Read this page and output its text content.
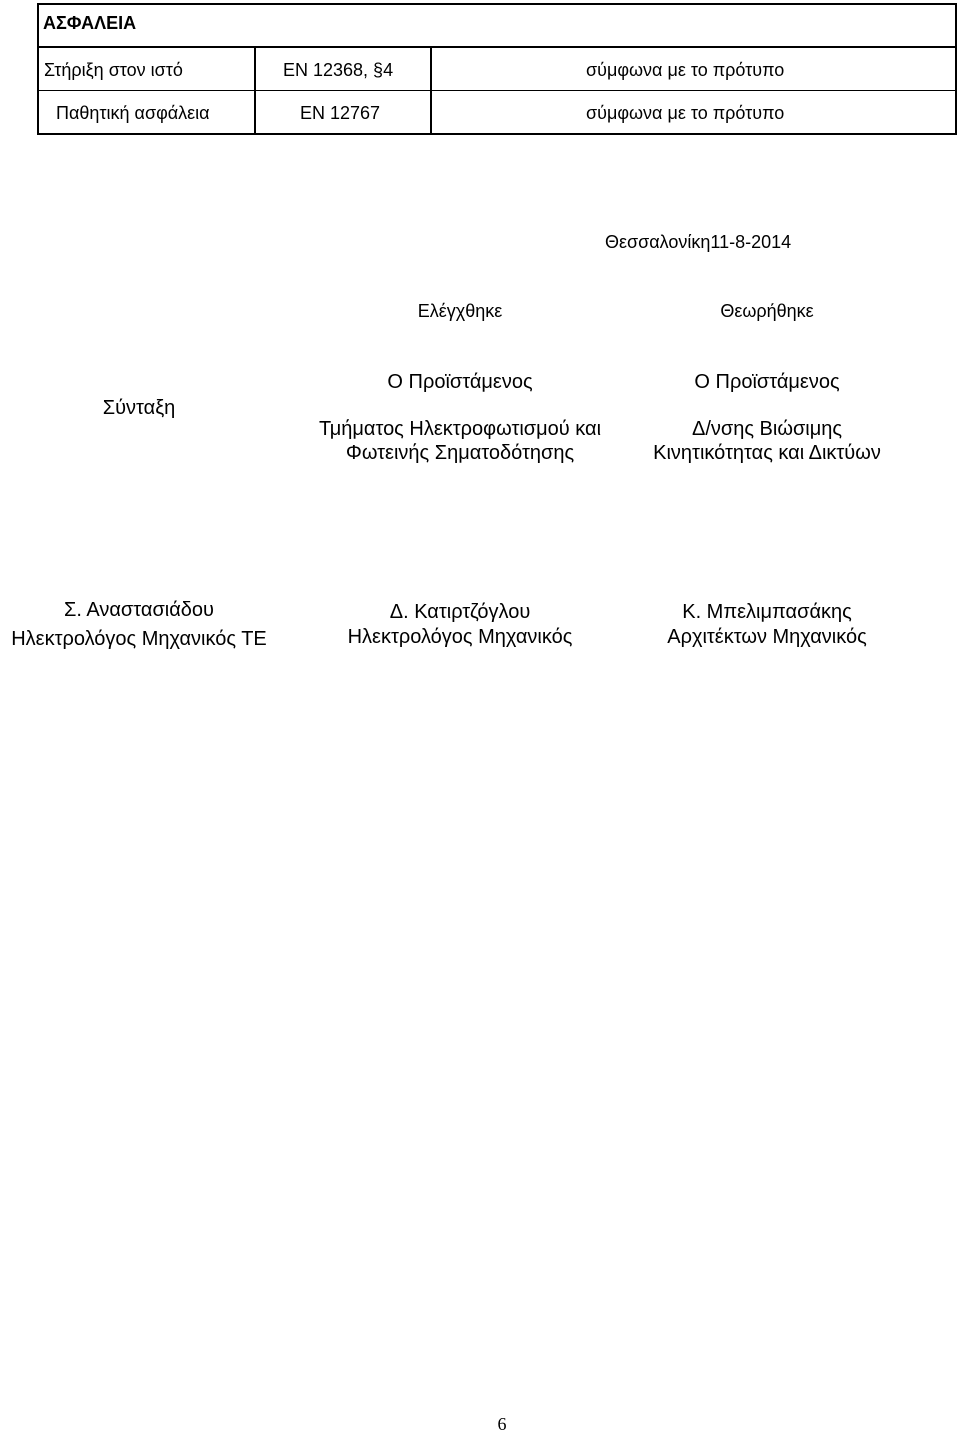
ΑΣΦΑΛΕΙΑ
Στήριξη στον ιστό	EN 12368, §4	σύμφωνα με το πρότυπο
Παθητική ασφάλεια	EN 12767	σύμφωνα με το πρότυπο
Θεσσαλονίκη11-8-2014
Ελέγχθηκε	Θεωρήθηκε
Σύνταξη
Ο Προϊστάμενος
Τμήματος Ηλεκτροφωτισμού και
Φωτεινής Σηματοδότησης
Ο Προϊστάμενος
Δ/νσης Βιώσιμης
Κινητικότητας και Δικτύων
Σ. Αναστασιάδου
Ηλεκτρολόγος Μηχανικός ΤΕ
Δ. Κατιρτζόγλου
Ηλεκτρολόγος Μηχανικός
Κ. Μπελιμπασάκης
Αρχιτέκτων Μηχανικός
6
